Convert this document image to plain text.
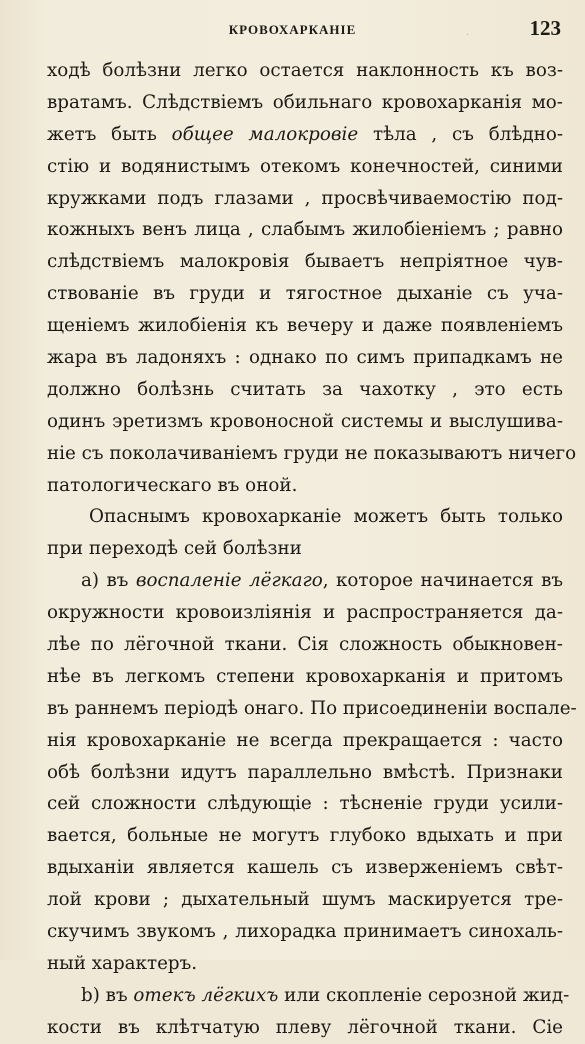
КРОВОХАРКАНІЕ	123
·
ходѣ болѣзни легко остается наклонность къ воз-
вратамъ. Слѣдствіемъ обильнаго кровохарканія мо-
жетъ быть общее малокровіе тѣла , съ блѣдно-
стію и водянистымъ отекомъ конечностей, синими
кружками подъ глазами , просвѣчиваемостію под-
кожныхъ венъ лица , слабымъ жилобіеніемъ ; равно
слѣдствіемъ малокровія бываетъ непріятное чув-
ствованіе въ груди и тягостное дыханіе съ уча-
щеніемъ жилобіенія къ вечеру и даже появленіемъ
жара въ ладоняхъ : однако по симъ припадкамъ не
должно болѣзнь считать за чахотку , это есть
одинъ эретизмъ кровоносной системы и выслушива-
ніе съ поколачиваніемъ груди не показываютъ ничего
патологическаго въ оной.
Опаснымъ кровохарканіе можетъ быть только
при переходѣ сей болѣзни
a) въ воспаленіе лёгкаго, которое начинается въ
окружности кровоизліянія и распространяется да-
лѣе по лёгочной ткани. Сія сложность обыкновен-
нѣе въ легкомъ степени кровохарканія и притомъ
въ раннемъ періодѣ онаго. По присоединеніи воспале-
нія кровохарканіе не всегда прекращается : часто
обѣ болѣзни идутъ параллельно вмѣстѣ. Признаки
сей сложности слѣдующіе : тѣсненіе груди усили-
вается, больные не могутъ глубоко вдыхать и при
вдыханіи является кашель съ изверженіемъ свѣт-
лой крови ; дыхательный шумъ маскируется тре-
скучимъ звукомъ , лихорадка принимаетъ синохаль-
ный характеръ.
b) въ отекъ лёгкихъ или скопленіе серозной жид-
кости въ клѣтчатую плеву лёгочной ткани. Сіе
